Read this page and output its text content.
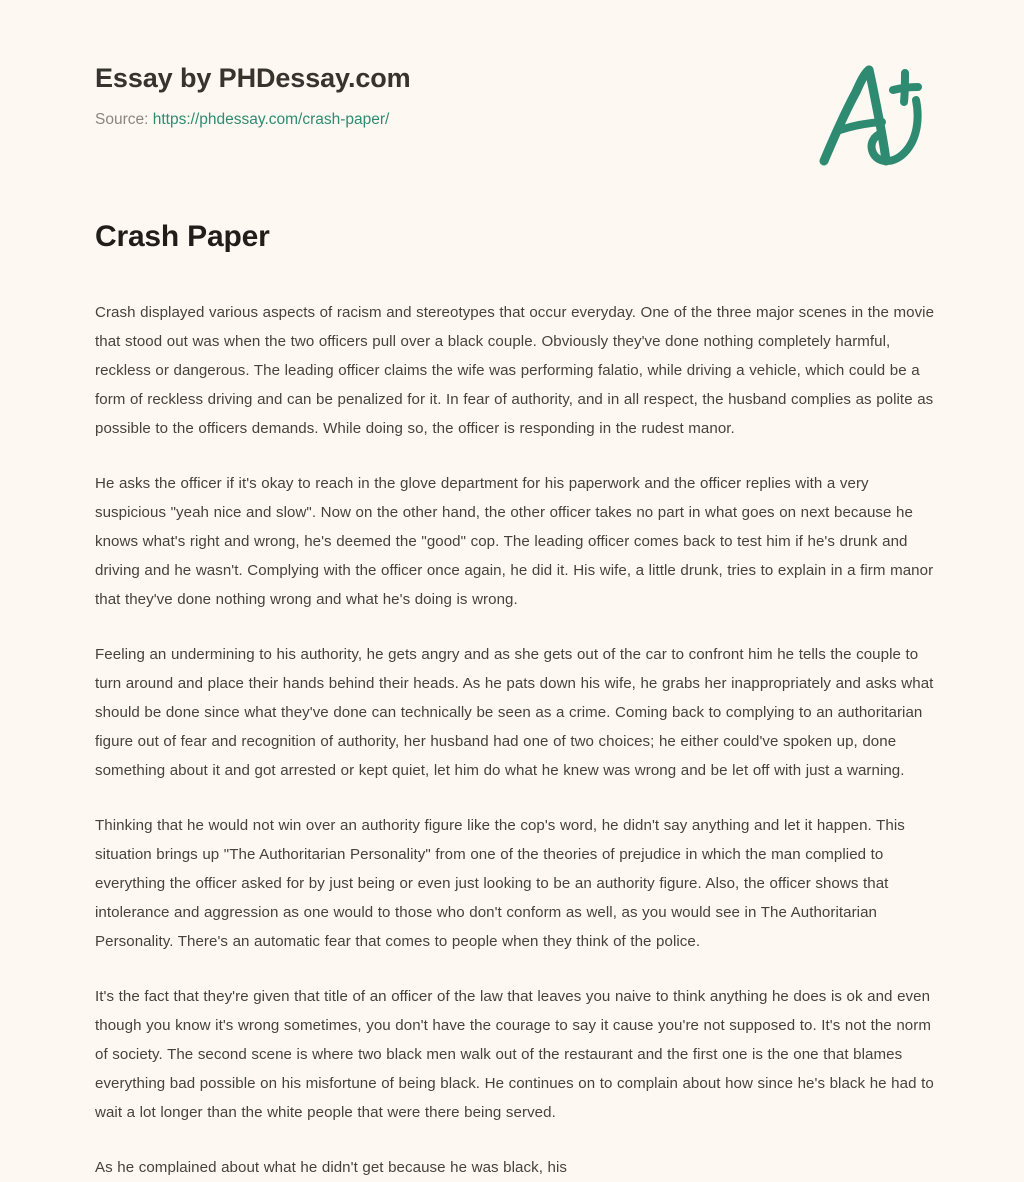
Essay by PHDessay.com
Source: https://phdessay.com/crash-paper/
Crash Paper

Crash displayed various aspects of racism and stereotypes that occur everyday. One of the three major scenes in the movie that stood out was when the two officers pull over a black couple. Obviously they've done nothing completely harmful, reckless or dangerous. The leading officer claims the wife was performing falatio, while driving a vehicle, which could be a form of reckless driving and can be penalized for it. In fear of authority, and in all respect, the husband complies as polite as possible to the officers demands. While doing so, the officer is responding in the rudest manor.

He asks the officer if it's okay to reach in the glove department for his paperwork and the officer replies with a very suspicious "yeah nice and slow". Now on the other hand, the other officer takes no part in what goes on next because he knows what's right and wrong, he's deemed the "good" cop. The leading officer comes back to test him if he's drunk and driving and he wasn't. Complying with the officer once again, he did it. His wife, a little drunk, tries to explain in a firm manor that they've done nothing wrong and what he's doing is wrong.

Feeling an undermining to his authority, he gets angry and as she gets out of the car to confront him he tells the couple to turn around and place their hands behind their heads. As he pats down his wife, he grabs her inappropriately and asks what should be done since what they've done can technically be seen as a crime. Coming back to complying to an authoritarian figure out of fear and recognition of authority, her husband had one of two choices; he either could've spoken up, done something about it and got arrested or kept quiet, let him do what he knew was wrong and be let off with just a warning.

Thinking that he would not win over an authority figure like the cop's word, he didn't say anything and let it happen. This situation brings up "The Authoritarian Personality" from one of the theories of prejudice in which the man complied to everything the officer asked for by just being or even just looking to be an authority figure. Also, the officer shows that intolerance and aggression as one would to those who don't conform as well, as you would see in The Authoritarian Personality. There's an automatic fear that comes to people when they think of the police.

It's the fact that they're given that title of an officer of the law that leaves you naive to think anything he does is ok and even though you know it's wrong sometimes, you don't have the courage to say it cause you're not supposed to. It's not the norm of society. The second scene is where two black men walk out of the restaurant and the first one is the one that blames everything bad possible on his misfortune of being black. He continues on to complain about how since he's black he had to wait a lot longer than the white people that were there being served.

As he complained about what he didn't get because he was black, his
